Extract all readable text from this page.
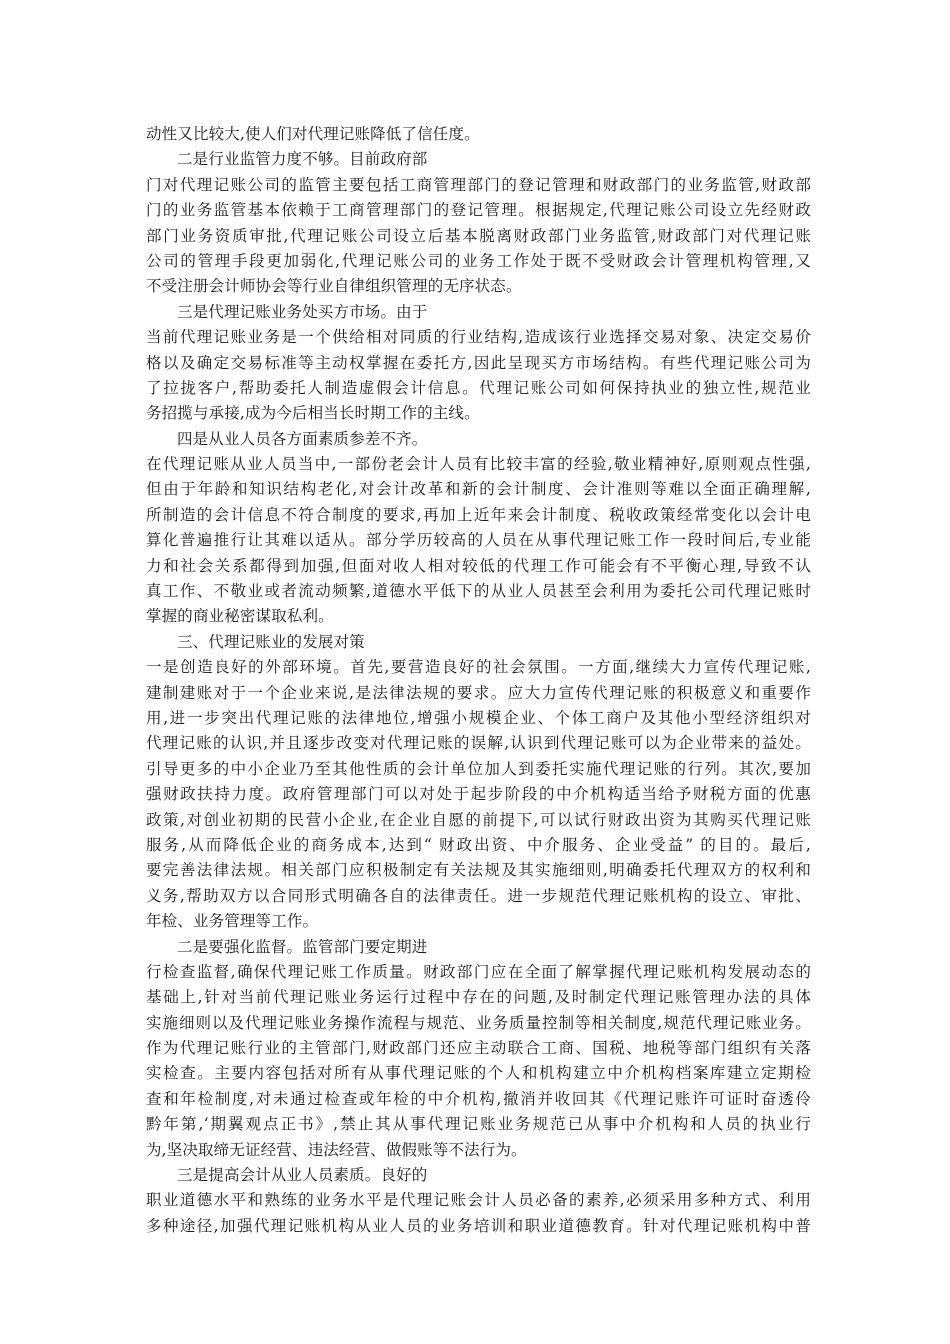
动性又比较大,使人们对代理记账降低了信任度。
二是行业监管力度不够。目前政府部
门对代理记账公司的监管主要包括工商管理部门的登记管理和财政部门的业务监管,财政部
门的业务监管基本依赖于工商管理部门的登记管理。根据规定,代理记账公司设立先经财政
部门业务资质审批,代理记账公司设立后基本脱离财政部门业务监管,财政部门对代理记账
公司的管理手段更加弱化,代理记账公司的业务工作处于既不受财政会计管理机构管理,又
不受注册会计师协会等行业自律组织管理的无序状态。
三是代理记账业务处买方市场。由于
当前代理记账业务是一个供给相对同质的行业结构,造成该行业选择交易对象、决定交易价
格以及确定交易标准等主动权掌握在委托方,因此呈现买方市场结构。有些代理记账公司为
了拉拢客户,帮助委托人制造虚假会计信息。代理记账公司如何保持执业的独立性,规范业
务招揽与承接,成为今后相当长时期工作的主线。
四是从业人员各方面素质参差不齐。
在代理记账从业人员当中,一部份老会计人员有比较丰富的经验,敬业精神好,原则观点性强,
但由于年龄和知识结构老化,对会计改革和新的会计制度、会计准则等难以全面正确理解,
所制造的会计信息不符合制度的要求,再加上近年来会计制度、税收政策经常变化以会计电
算化普遍推行让其难以适从。部分学历较高的人员在从事代理记账工作一段时间后,专业能
力和社会关系都得到加强,但面对收人相对较低的代理工作可能会有不平衡心理,导致不认
真工作、不敬业或者流动频繁,道德水平低下的从业人员甚至会利用为委托公司代理记账时
掌握的商业秘密谋取私利。
三、代理记账业的发展对策
一是创造良好的外部环境。首先,要营造良好的社会氛围。一方面,继续大力宣传代理记账,
建制建账对于一个企业来说,是法律法规的要求。应大力宣传代理记账的积极意义和重要作
用,进一步突出代理记账的法律地位,增强小规模企业、个体工商户及其他小型经济组织对
代理记账的认识,并且逐步改变对代理记账的误解,认识到代理记账可以为企业带来的益处。
引导更多的中小企业乃至其他性质的会计单位加人到委托实施代理记账的行列。其次,要加
强财政扶持力度。政府管理部门可以对处于起步阶段的中介机构适当给予财税方面的优惠
政策,对创业初期的民营小企业,在企业自愿的前提下,可以试行财政出资为其购买代理记账
服务,从而降低企业的商务成本,达到“ 财政出资、中介服务、企业受益” 的目的。最后,
要完善法律法规。相关部门应积极制定有关法规及其实施细则,明确委托代理双方的权利和
义务,帮助双方以合同形式明确各自的法律责任。进一步规范代理记账机构的设立、审批、
年检、业务管理等工作。
二是要强化监督。监管部门要定期进
行检查监督,确保代理记账工作质量。财政部门应在全面了解掌握代理记账机构发展动态的
基础上,针对当前代理记账业务运行过程中存在的问题,及时制定代理记账管理办法的具体
实施细则以及代理记账业务操作流程与规范、业务质量控制等相关制度,规范代理记账业务。
作为代理记账行业的主管部门,财政部门还应主动联合工商、国税、地税等部门组织有关落
实检查。主要内容包括对所有从事代理记账的个人和机构建立中介机构档案库建立定期检
查和年检制度,对未通过检查或年检的中介机构,撤消并收回其《代理记账许可证时奋透伶
黔年第,‘期翼观点正书》,禁止其从事代理记账业务规范已从事中介机构和人员的执业行
为,坚决取缔无证经营、违法经营、做假账等不法行为。
三是提高会计从业人员素质。良好的
职业道德水平和熟练的业务水平是代理记账会计人员必备的素养,必须采用多种方式、利用
多种途径,加强代理记账机构从业人员的业务培训和职业道德教育。针对代理记账机构中普
